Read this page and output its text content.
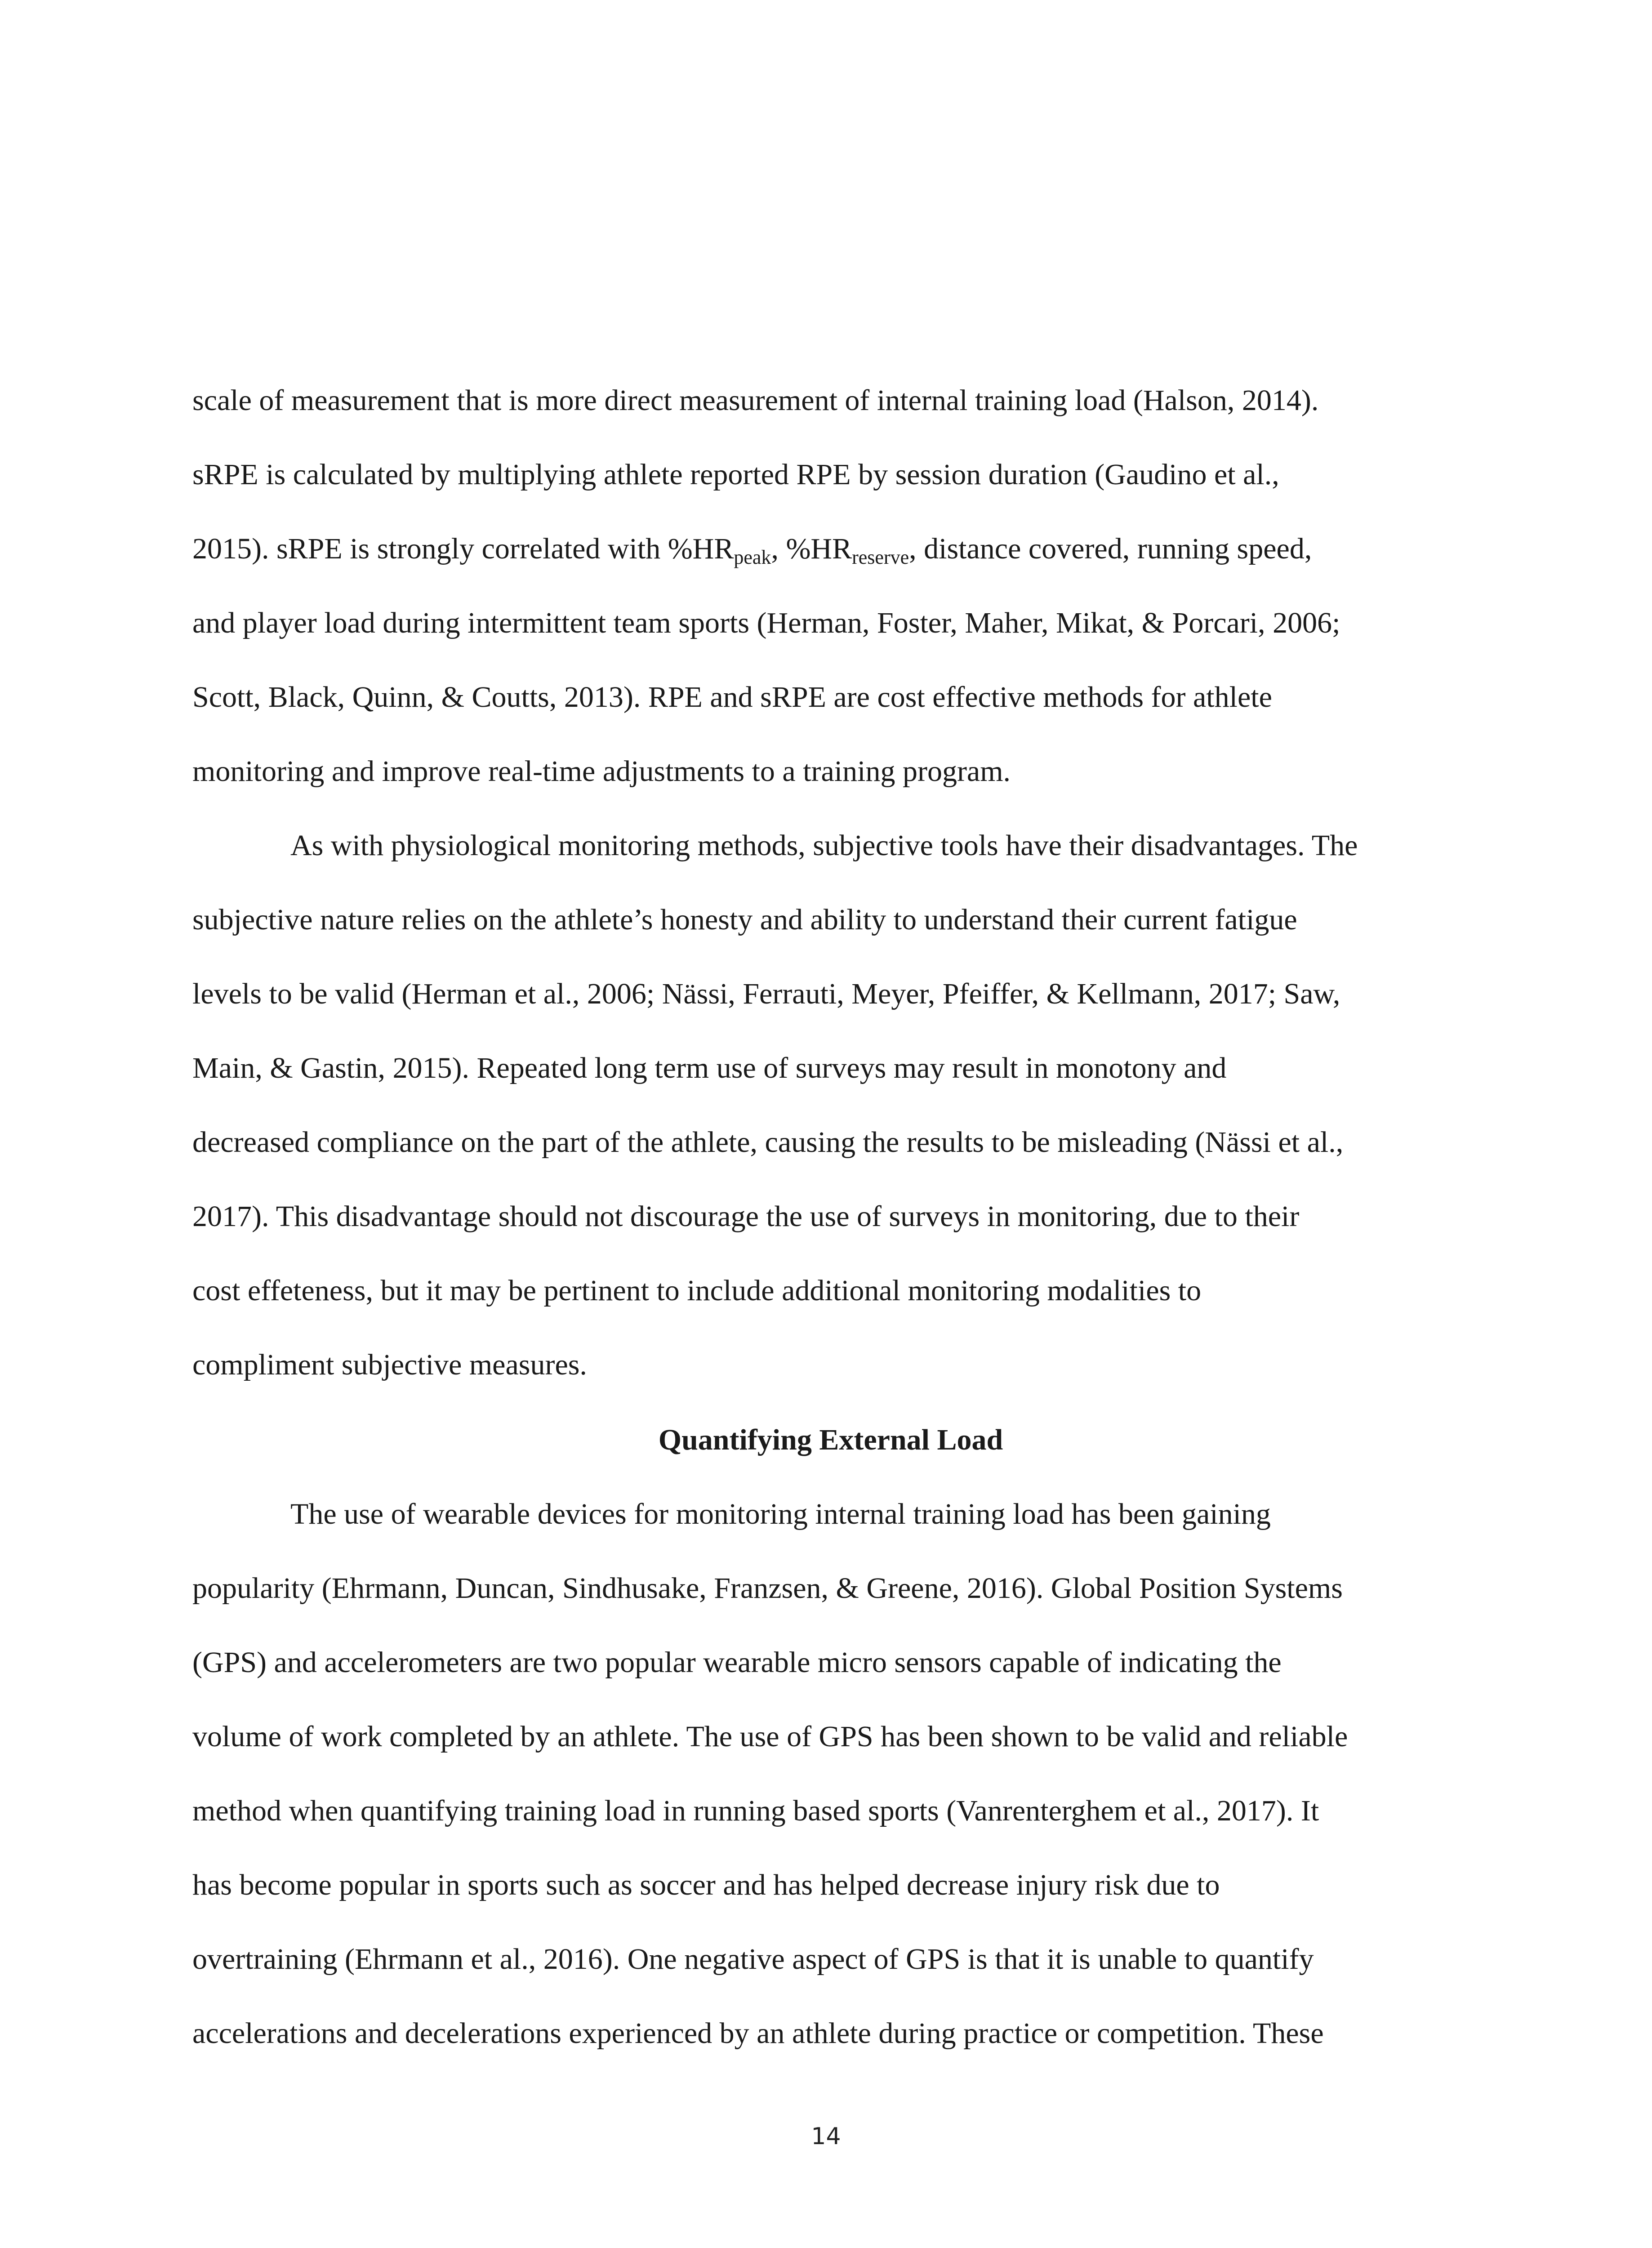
scale of measurement that is more direct measurement of internal training load (Halson, 2014).
sRPE is calculated by multiplying athlete reported RPE by session duration (Gaudino et al.,
2015). sRPE is strongly correlated with $\%HR_{peak}$, $\%HR_{reserve}$, distance covered, running speed,
and player load during intermittent team sports (Herman, Foster, Maher, Mikat, & Porcari, 2006;
Scott, Black, Quinn, & Coutts, 2013). RPE and sRPE are cost effective methods for athlete
monitoring and improve real-time adjustments to a training program.
As with physiological monitoring methods, subjective tools have their disadvantages. The
subjective nature relies on the athlete’s honesty and ability to understand their current fatigue
levels to be valid (Herman et al., 2006; Nässi, Ferrauti, Meyer, Pfeiffer, & Kellmann, 2017; Saw,
Main, & Gastin, 2015). Repeated long term use of surveys may result in monotony and
decreased compliance on the part of the athlete, causing the results to be misleading (Nässi et al.,
2017). This disadvantage should not discourage the use of surveys in monitoring, due to their
cost effeteness, but it may be pertinent to include additional monitoring modalities to
compliment subjective measures.
Quantifying External Load
The use of wearable devices for monitoring internal training load has been gaining
popularity (Ehrmann, Duncan, Sindhusake, Franzsen, & Greene, 2016). Global Position Systems
(GPS) and accelerometers are two popular wearable micro sensors capable of indicating the
volume of work completed by an athlete. The use of GPS has been shown to be valid and reliable
method when quantifying training load in running based sports (Vanrenterghem et al., 2017). It
has become popular in sports such as soccer and has helped decrease injury risk due to
overtraining (Ehrmann et al., 2016). One negative aspect of GPS is that it is unable to quantify
accelerations and decelerations experienced by an athlete during practice or competition. These
14
